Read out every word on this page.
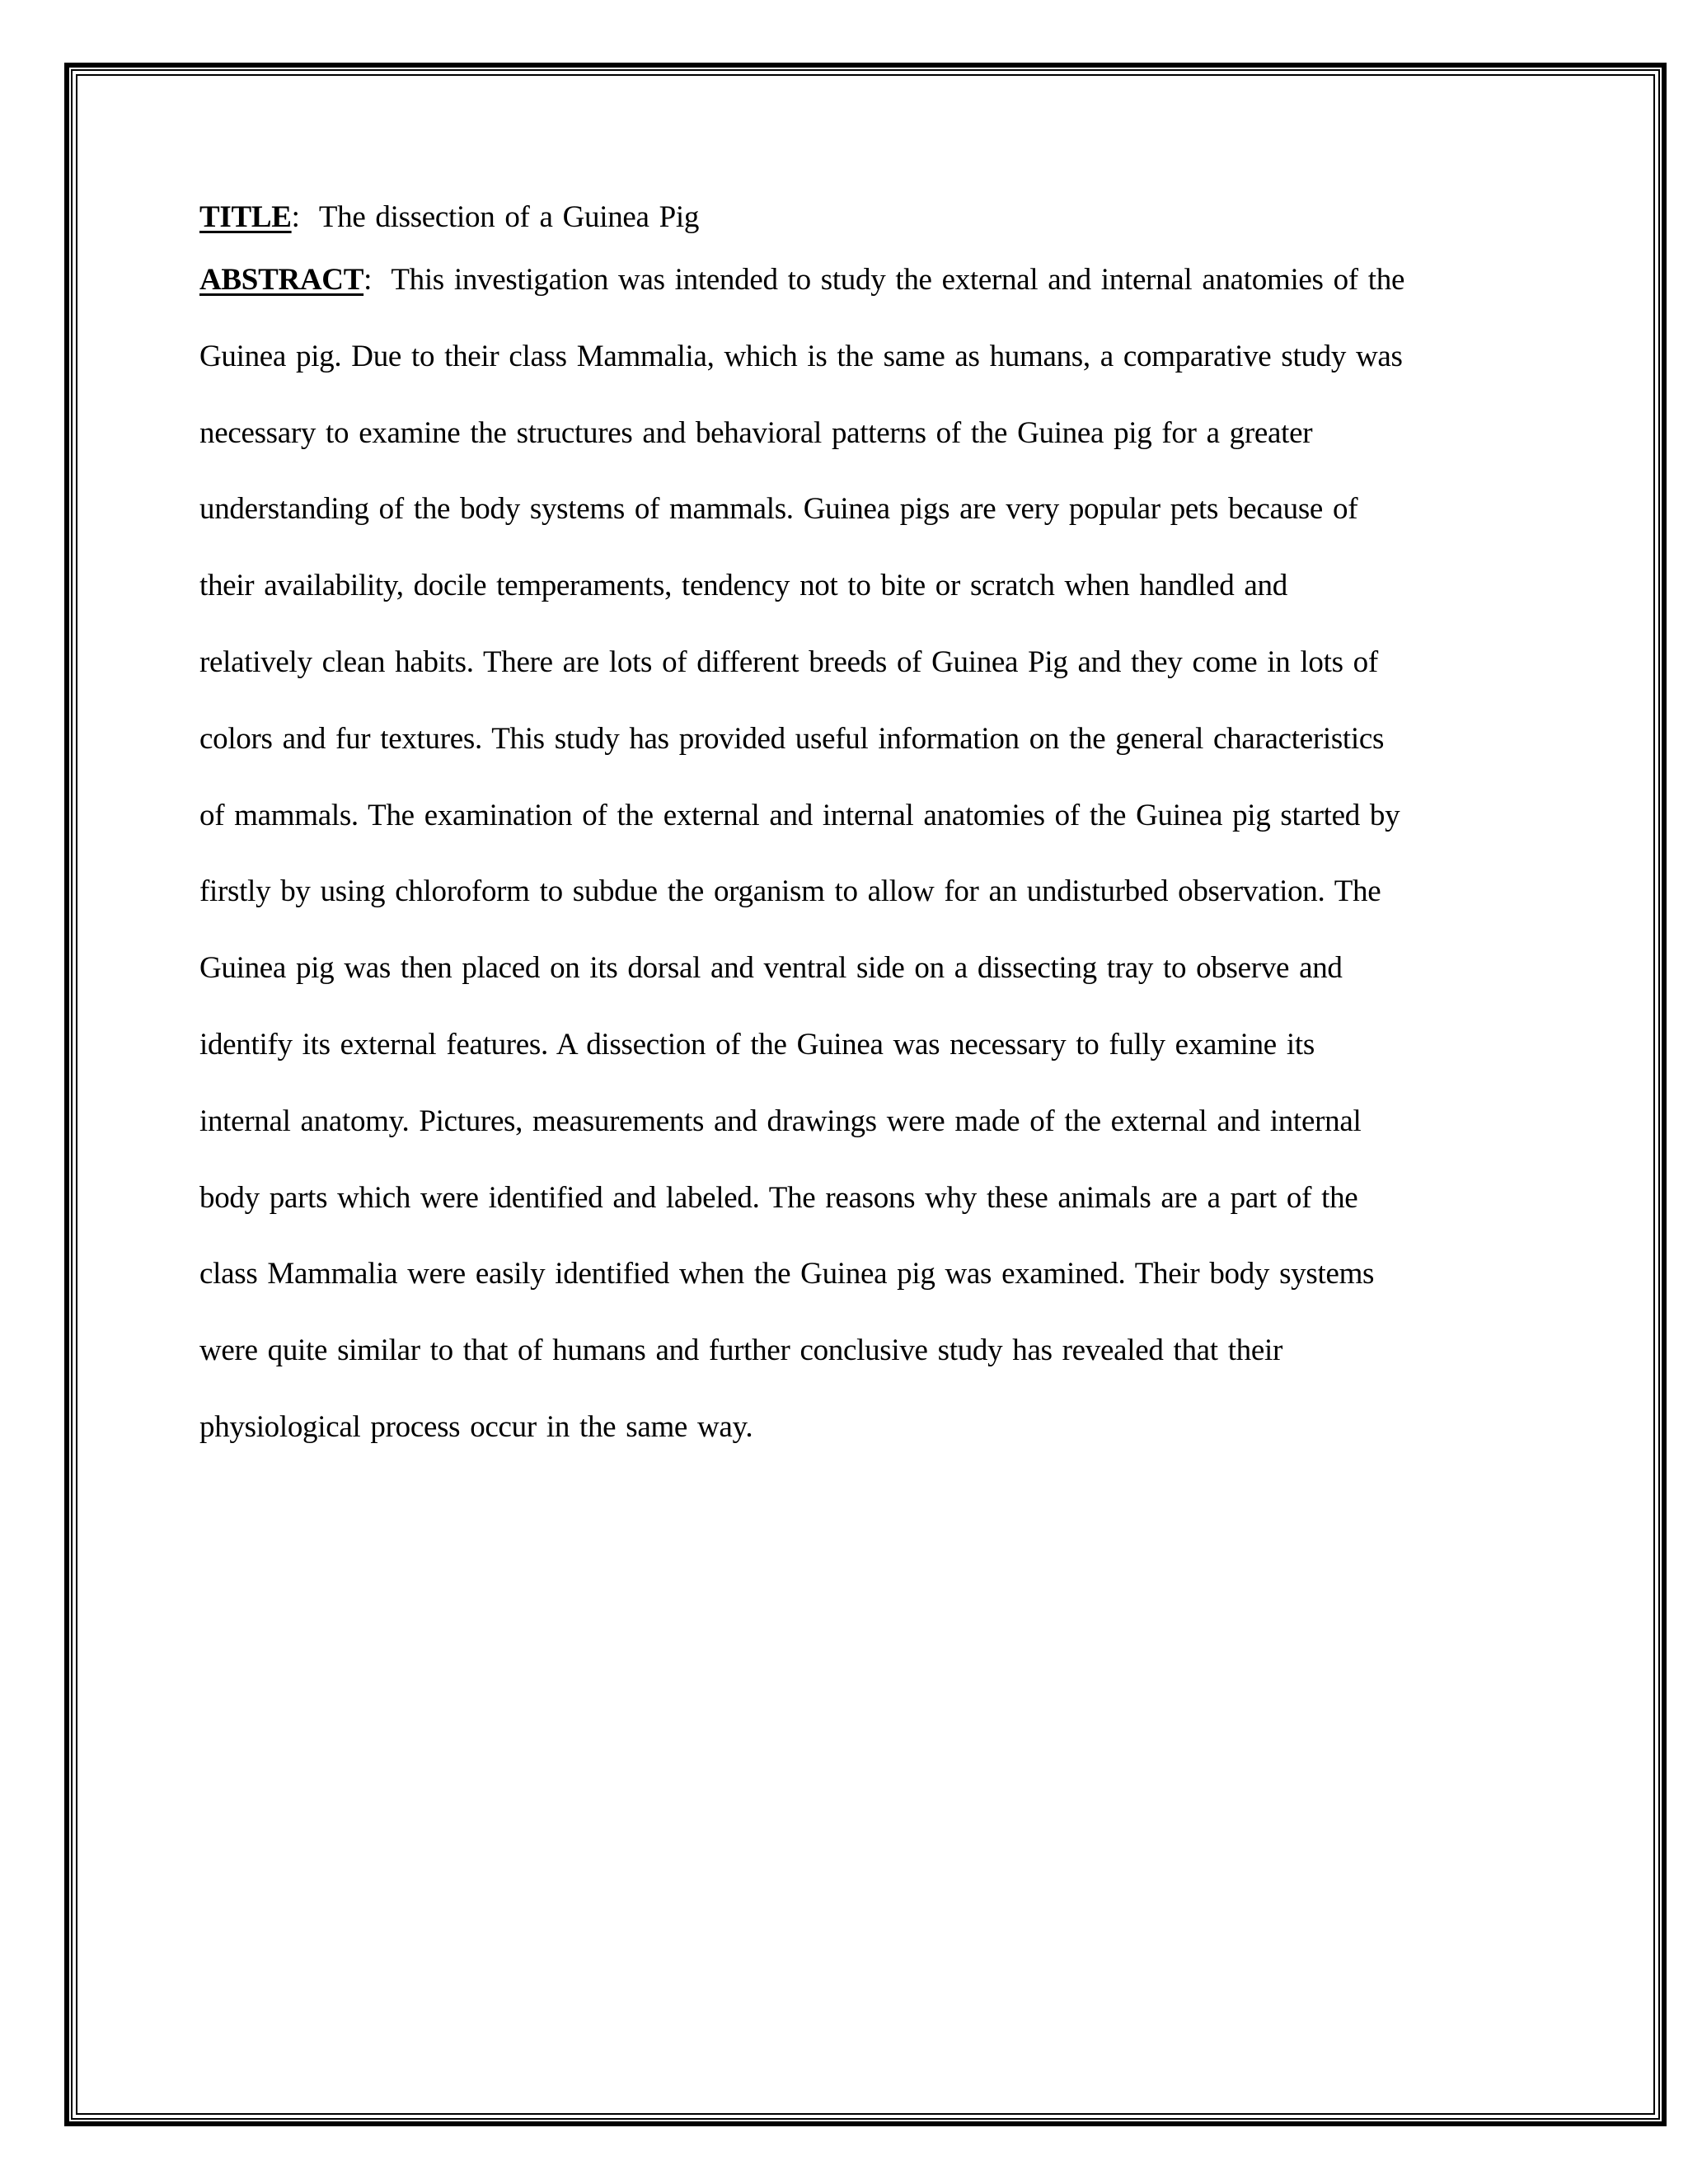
TITLE: The dissection of a Guinea Pig
ABSTRACT: This investigation was intended to study the external and internal anatomies of the
Guinea pig. Due to their class Mammalia, which is the same as humans, a comparative study was
necessary to examine the structures and behavioral patterns of the Guinea pig for a greater
understanding of the body systems of mammals. Guinea pigs are very popular pets because of
their availability, docile temperaments, tendency not to bite or scratch when handled and
relatively clean habits. There are lots of different breeds of Guinea Pig and they come in lots of
colors and fur textures. This study has provided useful information on the general characteristics
of mammals. The examination of the external and internal anatomies of the Guinea pig started by
firstly by using chloroform to subdue the organism to allow for an undisturbed observation. The
Guinea pig was then placed on its dorsal and ventral side on a dissecting tray to observe and
identify its external features. A dissection of the Guinea was necessary to fully examine its
internal anatomy. Pictures, measurements and drawings were made of the external and internal
body parts which were identified and labeled. The reasons why these animals are a part of the
class Mammalia were easily identified when the Guinea pig was examined. Their body systems
were quite similar to that of humans and further conclusive study has revealed that their
physiological process occur in the same way.
